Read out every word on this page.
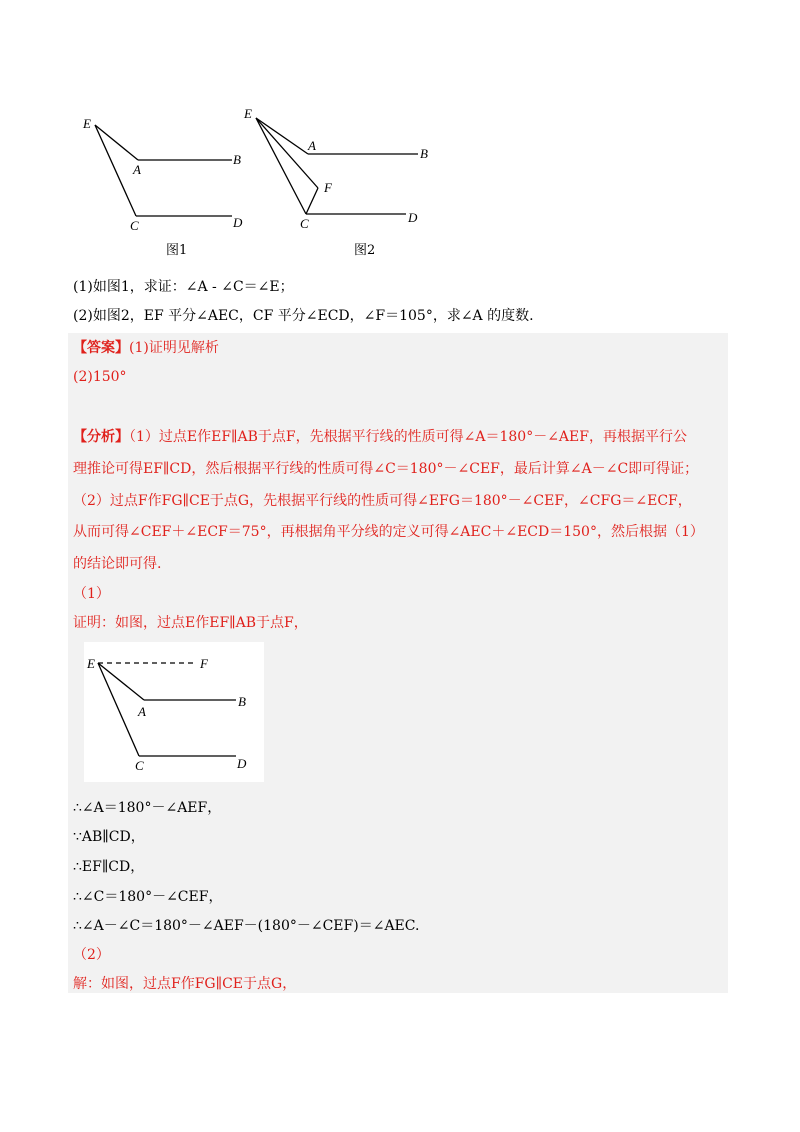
E
A
B
C	D
图1
E
A
B
F
C	D
图2
(1)如图1，求证：∠A - ∠C＝∠E；
(2)如图2，EF 平分∠AEC，CF 平分∠ECD，∠F＝105°，求∠A 的度数.
【答案】(1)证明见解析
(2)150°
【分析】（1）过点E作EF∥AB于点F，先根据平行线的性质可得∠A＝180°－∠AEF，再根据平行公
理推论可得EF∥CD，然后根据平行线的性质可得∠C＝180°－∠CEF，最后计算∠A－∠C即可得证；
（2）过点F作FG∥CE于点G，先根据平行线的性质可得∠EFG＝180°－∠CEF，∠CFG＝∠ECF，
从而可得∠CEF＋∠ECF＝75°，再根据角平分线的定义可得∠AEC＋∠ECD＝150°，然后根据（1）
的结论即可得.
（1）
证明：如图，过点E作EF∥AB于点F，
E	F
A
B
C	D
∴∠A＝180°－∠AEF，
∵AB∥CD，
∴EF∥CD，
∴∠C＝180°－∠CEF，
∴∠A－∠C＝180°－∠AEF－(180°－∠CEF)＝∠AEC.
（2）
解：如图，过点F作FG∥CE于点G，
